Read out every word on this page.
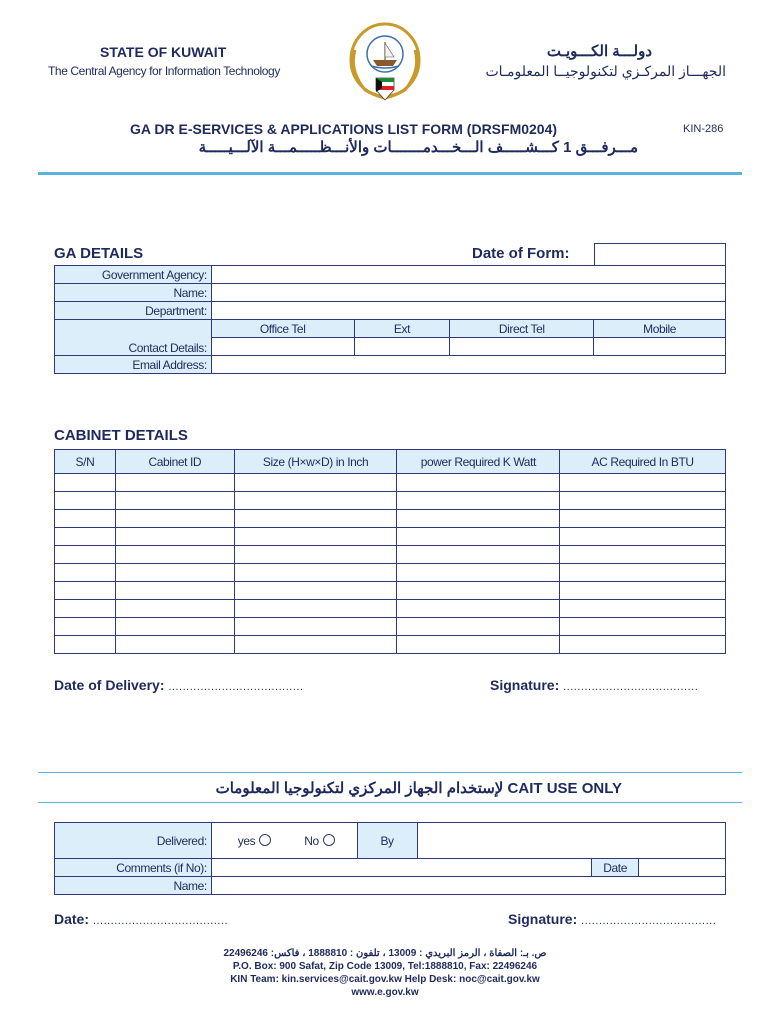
STATE OF KUWAIT
The Central Agency for Information Technology
دولـــة الكـــويـت
الجهـــاز المركـزي لتكنولوجيــا المعلومـات
GA DR E-SERVICES & APPLICATIONS LIST FORM (DRSFM0204)	KIN-286
مـــرفـــق 1 كـــشـــــف الـــخـــدمـــــــات والأنـــظـــــمـــة الآلـــيـــــة
GA DETAILS	Date of Form:
Government Agency:				
Name:				
Department:				
Contact Details:	Office Tel	Ext	Direct Tel	Mobile

Email Address:				
CABINET DETAILS
S/N	Cabinet ID	Size (H×w×D) in Inch	power Required K Watt	AC Required In BTU

Date of Delivery: ......................................	Signature: ......................................
لإستخدام الجهاز المركزي لتكنولوجيا المعلومات CAIT USE ONLY
Delivered:	yes No	By			
Comments (if No):				Date	
Name:					
Date: ......................................	Signature: ......................................
ص. بـ: الصفاة ، الرمز البريدي : 13009 ، تلفون : 1888810 ، فاكس: 22496246
P.O. Box: 900 Safat, Zip Code 13009, Tel:1888810, Fax: 22496246
KIN Team: kin.services@cait.gov.kw Help Desk: noc@cait.gov.kw
www.e.gov.kw
